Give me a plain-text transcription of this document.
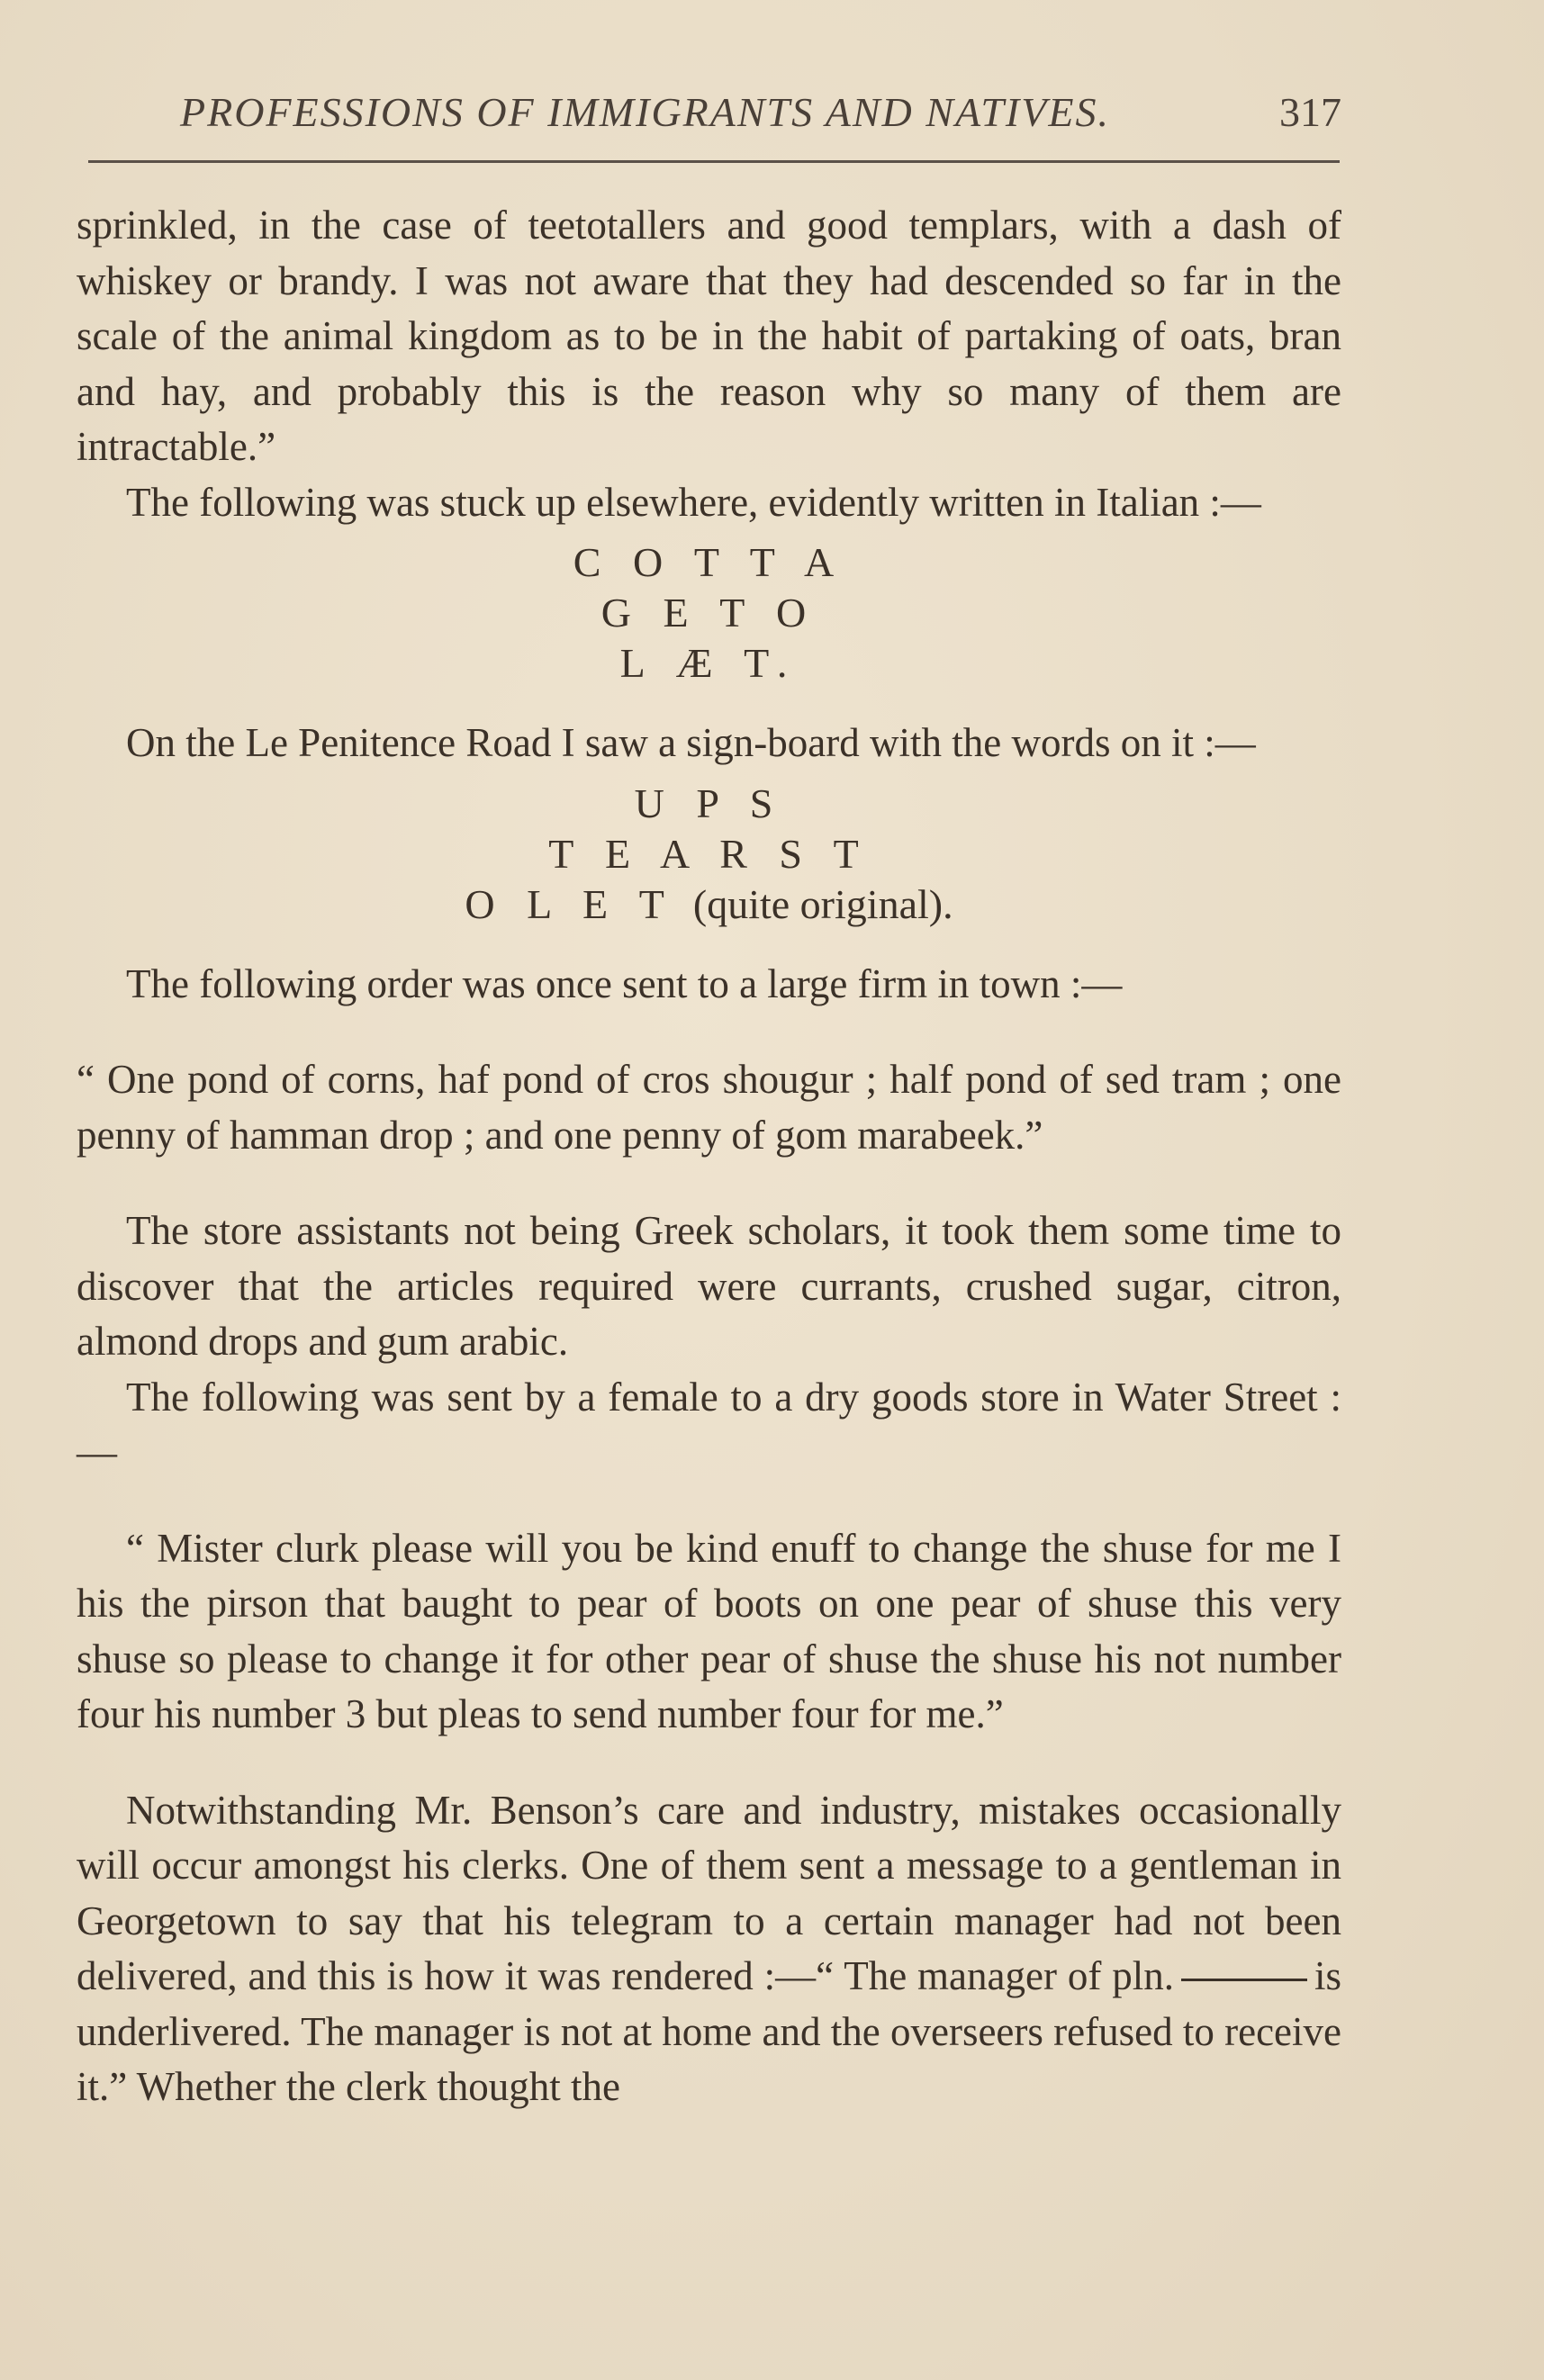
PROFESSIONS OF IMMIGRANTS AND NATIVES.	317

sprinkled, in the case of teetotallers and good templars, with a dash of whiskey or brandy. I was not aware that they had descended so far in the scale of the animal kingdom as to be in the habit of partaking of oats, bran and hay, and probably this is the reason why so many of them are intractable.”

The following was stuck up elsewhere, evidently written in Italian :—

C O T T A
G E T O
L Æ T.

On the Le Penitence Road I saw a sign-board with the words on it :—

U P S
T E A R S T
O L E T (quite original).

The following order was once sent to a large firm in town :—

“ One pond of corns, haf pond of cros shougur ; half pond of sed tram ; one penny of hamman drop ; and one penny of gom marabeek.”

The store assistants not being Greek scholars, it took them some time to discover that the articles required were currants, crushed sugar, citron, almond drops and gum arabic.

The following was sent by a female to a dry goods store in Water Street :—

“ Mister clurk please will you be kind enuff to change the shuse for me I his the pirson that baught to pear of boots on one pear of shuse this very shuse so please to change it for other pear of shuse the shuse his not number four his number 3 but pleas to send number four for me.”

Notwithstanding Mr. Benson’s care and industry, mistakes occasionally will occur amongst his clerks. One of them sent a message to a gentleman in Georgetown to say that his telegram to a certain manager had not been delivered, and this is how it was rendered :—“ The manager of pln.	is underlivered. The manager is not at home and the overseers refused to receive it.” Whether the clerk thought the
